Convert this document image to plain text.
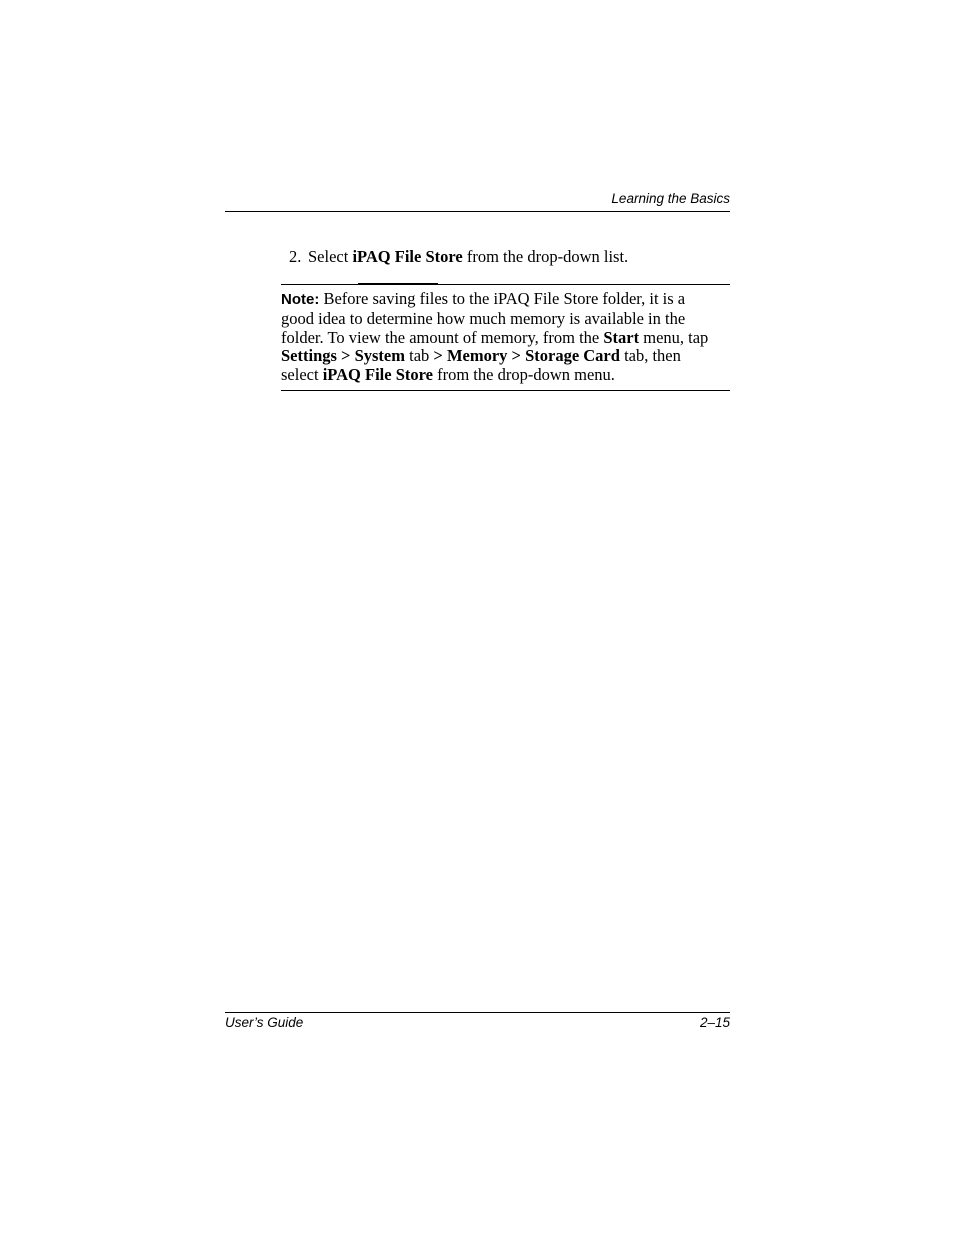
Learning the Basics
2. Select iPAQ File Store from the drop-down list.
Note: Before saving files to the iPAQ File Store folder, it is a
good idea to determine how much memory is available in the
folder. To view the amount of memory, from the Start menu, tap
Settings > System tab > Memory > Storage Card tab, then
select iPAQ File Store from the drop-down menu.
User’s Guide	2–15
